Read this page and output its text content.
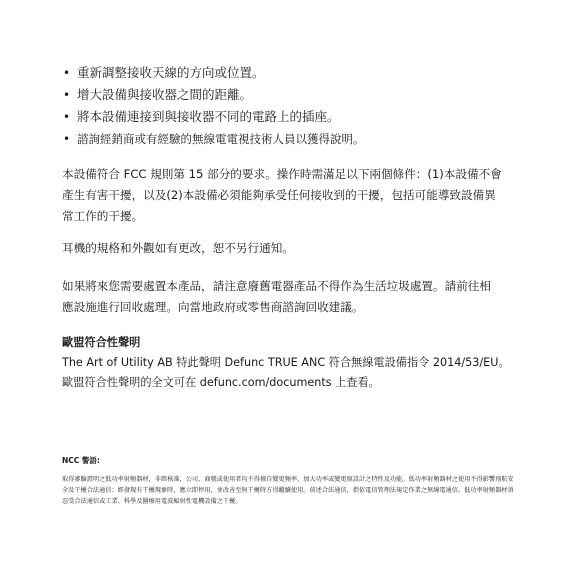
• 重新調整接收天線的方向或位置。
• 增大設備與接收器之間的距離。
• 將本設備連接到與接收器不同的電路上的插座。
• 諮詢經銷商或有經驗的無線電電視技術人員以獲得說明。
本設備符合 FCC 規則第 15 部分的要求。操作時需滿足以下兩個條件：(1)本設備不會產生有害干擾，以及(2)本設備必須能夠承受任何接收到的干擾，包括可能導致設備異常工作的干擾。
耳機的規格和外觀如有更改，恕不另行通知。
如果將來您需要處置本產品，請注意廢舊電器產品不得作為生活垃圾處置。請前往相應設施進行回收處理。向當地政府或零售商諮詢回收建議。
歐盟符合性聲明
The Art of Utility AB 特此聲明 Defunc TRUE ANC 符合無線電設備指令 2014/53/EU。歐盟符合性聲明的全文可在 defunc.com/documents 上查看。
NCC 警語:
取得審驗證明之低功率射頻器材，非經核准，公司、商號或使用者均不得擅自變更頻率、加大功率或變更原設計之特性及功能。低功率射頻器材之使用不得影響飛航安全及干擾合法通信；經發現有干擾現象時，應立即停用，並改善至無干擾時方得繼續使用。前述合法通信，指依電信管理法規定作業之無線電通信。低功率射頻器材須忍受合法通信或工業、科學及醫療用電波輻射性電機設備之干擾。
